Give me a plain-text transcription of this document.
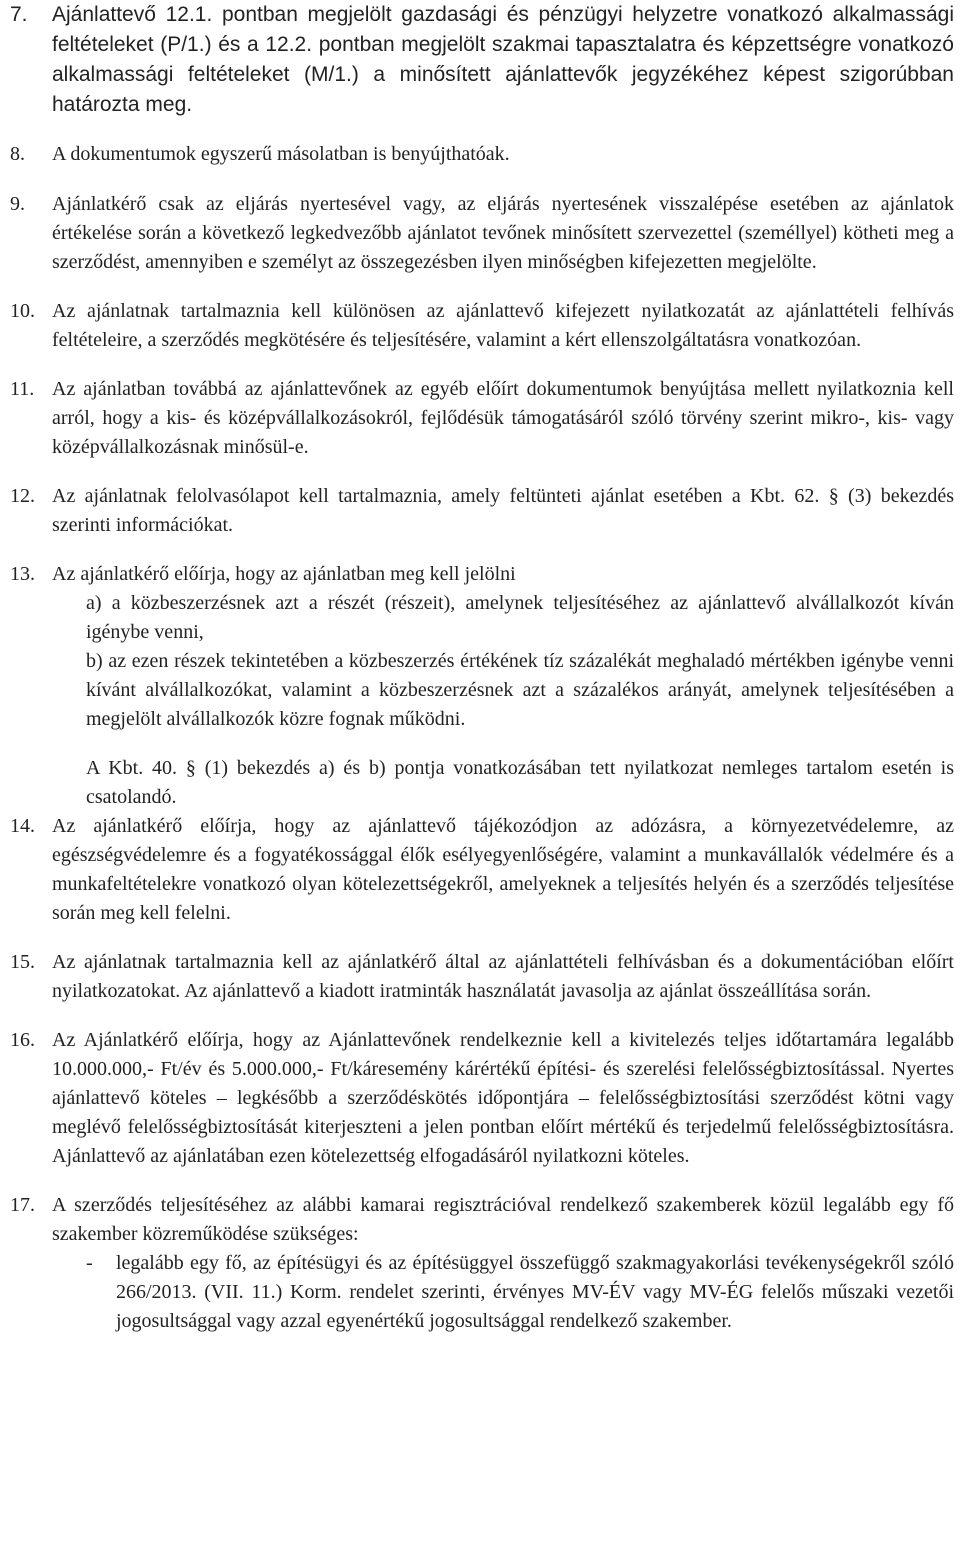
7. Ajánlattevő 12.1. pontban megjelölt gazdasági és pénzügyi helyzetre vonatkozó alkalmassági feltételeket (P/1.) és a 12.2. pontban megjelölt szakmai tapasztalatra és képzettségre vonatkozó alkalmassági feltételeket (M/1.) a minősített ajánlattevők jegyzékéhez képest szigorúbban határozta meg.
8. A dokumentumok egyszerű másolatban is benyújthatóak.
9. Ajánlatkérő csak az eljárás nyertesével vagy, az eljárás nyertesének visszalépése esetében az ajánlatok értékelése során a következő legkedvezőbb ajánlatot tevőnek minősített szervezettel (személlyel) kötheti meg a szerződést, amennyiben e személyt az összegezésben ilyen minőségben kifejezetten megjelölte.
10. Az ajánlatnak tartalmaznia kell különösen az ajánlattevő kifejezett nyilatkozatát az ajánlattételi felhívás feltételeire, a szerződés megkötésére és teljesítésére, valamint a kért ellenszolgáltatásra vonatkozóan.
11. Az ajánlatban továbbá az ajánlattevőnek az egyéb előírt dokumentumok benyújtása mellett nyilatkoznia kell arról, hogy a kis- és középvállalkozásokról, fejlődésük támogatásáról szóló törvény szerint mikro-, kis- vagy középvállalkozásnak minősül-e.
12. Az ajánlatnak felolvasólapot kell tartalmaznia, amely feltünteti ajánlat esetében a Kbt. 62. § (3) bekezdés szerinti információkat.
13. Az ajánlatkérő előírja, hogy az ajánlatban meg kell jelölni
a) a közbeszerzésnek azt a részét (részeit), amelynek teljesítéséhez az ajánlattevő alvállalkozót kíván igénybe venni,
b) az ezen részek tekintetében a közbeszerzés értékének tíz százalékát meghaladó mértékben igénybe venni kívánt alvállalkozókat, valamint a közbeszerzésnek azt a százalékos arányát, amelynek teljesítésében a megjelölt alvállalkozók közre fognak működni.
A Kbt. 40. § (1) bekezdés a) és b) pontja vonatkozásában tett nyilatkozat nemleges tartalom esetén is csatolandó.
14. Az ajánlatkérő előírja, hogy az ajánlattevő tájékozódjon az adózásra, a környezetvédelemre, az egészségvédelemre és a fogyatékossággal élők esélyegyenlőségére, valamint a munkavállalók védelmére és a munkafeltételekre vonatkozó olyan kötelezettségekről, amelyeknek a teljesítés helyén és a szerződés teljesítése során meg kell felelni.
15. Az ajánlatnak tartalmaznia kell az ajánlatkérő által az ajánlattételi felhívásban és a dokumentációban előírt nyilatkozatokat. Az ajánlattevő a kiadott iratminták használatát javasolja az ajánlat összeállítása során.
16. Az Ajánlatkérő előírja, hogy az Ajánlattevőnek rendelkeznie kell a kivitelezés teljes időtartamára legalább 10.000.000,- Ft/év és 5.000.000,- Ft/káresemény kárértékű építési- és szerelési felelősségbiztosítással. Nyertes ajánlattevő köteles – legkésőbb a szerződéskötés időpontjára – felelősségbiztosítási szerződést kötni vagy meglévő felelősségbiztosítását kiterjeszteni a jelen pontban előírt mértékű és terjedelmű felelősségbiztosításra. Ajánlattevő az ajánlatában ezen kötelezettség elfogadásáról nyilatkozni köteles.
17. A szerződés teljesítéséhez az alábbi kamarai regisztrációval rendelkező szakemberek közül legalább egy fő szakember közreműködése szükséges:
- legalább egy fő, az építésügyi és az építésüggyel összefüggő szakmagyakorlási tevékenységekről szóló 266/2013. (VII. 11.) Korm. rendelet szerinti, érvényes MV-ÉV vagy MV-ÉG felelős műszaki vezetői jogosultsággal vagy azzal egyenértékű jogosultsággal rendelkező szakember.
